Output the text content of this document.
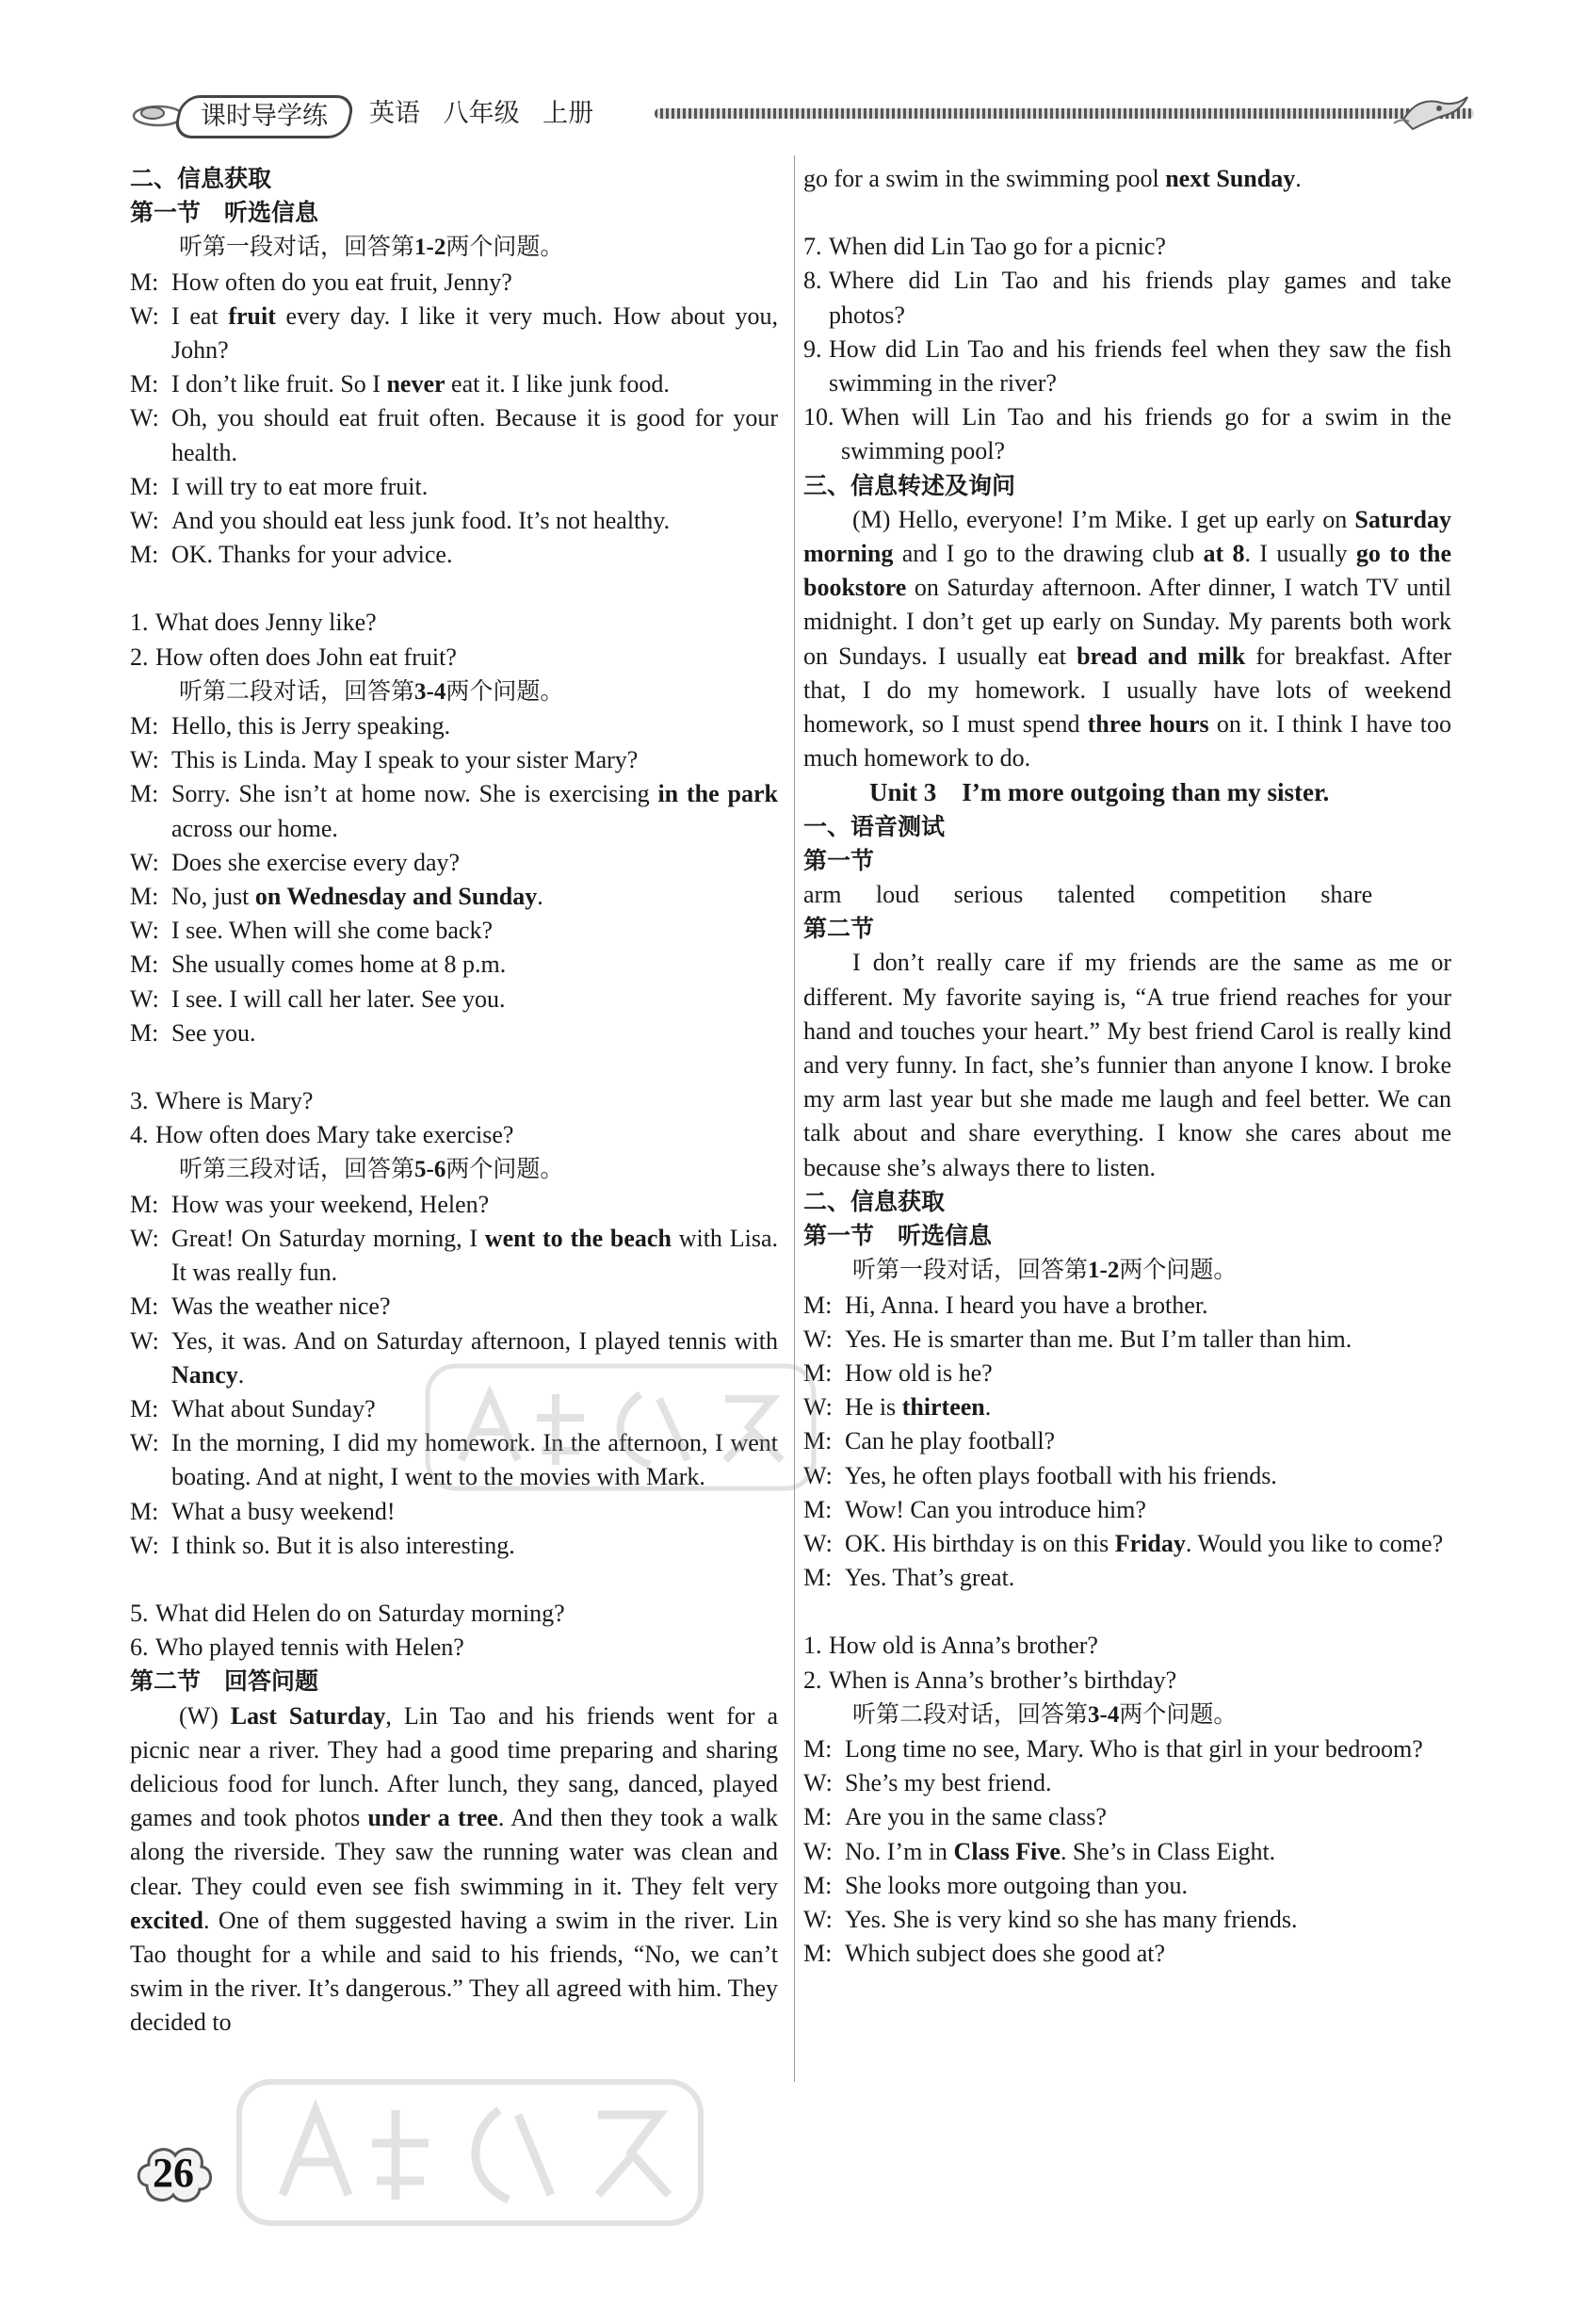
课时导学练	英语 八年级 上册
二、信息获取
第一节　听选信息
听第一段对话，回答第1-2两个问题。
M: How often do you eat fruit, Jenny?
W: I eat fruit every day. I like it very much. How about you, John?
M: I don’t like fruit. So I never eat it. I like junk food.
W: Oh, you should eat fruit often. Because it is good for your health.
M: I will try to eat more fruit.
W: And you should eat less junk food. It’s not healthy.
M: OK. Thanks for your advice.
1. What does Jenny like?
2. How often does John eat fruit?
听第二段对话，回答第3-4两个问题。
M: Hello, this is Jerry speaking.
W: This is Linda. May I speak to your sister Mary?
M: Sorry. She isn’t at home now. She is exercising in the park across our home.
W: Does she exercise every day?
M: No, just on Wednesday and Sunday.
W: I see. When will she come back?
M: She usually comes home at 8 p.m.
W: I see. I will call her later. See you.
M: See you.
3. Where is Mary?
4. How often does Mary take exercise?
听第三段对话，回答第5-6两个问题。
M: How was your weekend, Helen?
W: Great! On Saturday morning, I went to the beach with Lisa. It was really fun.
M: Was the weather nice?
W: Yes, it was. And on Saturday afternoon, I played tennis with Nancy.
M: What about Sunday?
W: In the morning, I did my homework. In the afternoon, I went boating. And at night, I went to the movies with Mark.
M: What a busy weekend!
W: I think so. But it is also interesting.
5. What did Helen do on Saturday morning?
6. Who played tennis with Helen?
第二节　回答问题
(W) Last Saturday, Lin Tao and his friends went for a picnic near a river. They had a good time preparing and sharing delicious food for lunch. After lunch, they sang, danced, played games and took photos under a tree. And then they took a walk along the riverside. They saw the running water was clean and clear. They could even see fish swimming in it. They felt very excited. One of them suggested having a swim in the river. Lin Tao thought for a while and said to his friends, “No, we can’t swim in the river. It’s dangerous.” They all agreed with him. They decided to
go for a swim in the swimming pool next Sunday.
7. When did Lin Tao go for a picnic?
8. Where did Lin Tao and his friends play games and take photos?
9. How did Lin Tao and his friends feel when they saw the fish swimming in the river?
10. When will Lin Tao and his friends go for a swim in the swimming pool?
三、信息转述及询问
(M) Hello, everyone! I’m Mike. I get up early on Saturday morning and I go to the drawing club at 8. I usually go to the bookstore on Saturday afternoon. After dinner, I watch TV until midnight. I don’t get up early on Sunday. My parents both work on Sundays. I usually eat bread and milk for breakfast. After that, I do my homework. I usually have lots of weekend homework, so I must spend three hours on it. I think I have too much homework to do.
Unit 3　I’m more outgoing than my sister.
一、语音测试
第一节
arm loud serious talented competition share
第二节
I don’t really care if my friends are the same as me or different. My favorite saying is, “A true friend reaches for your hand and touches your heart.” My best friend Carol is really kind and very funny. In fact, she’s funnier than anyone I know. I broke my arm last year but she made me laugh and feel better. We can talk about and share everything. I know she cares about me because she’s always there to listen.
二、信息获取
第一节　听选信息
听第一段对话，回答第1-2两个问题。
M: Hi, Anna. I heard you have a brother.
W: Yes. He is smarter than me. But I’m taller than him.
M: How old is he?
W: He is thirteen.
M: Can he play football?
W: Yes, he often plays football with his friends.
M: Wow! Can you introduce him?
W: OK. His birthday is on this Friday. Would you like to come?
M: Yes. That’s great.
1. How old is Anna’s brother?
2. When is Anna’s brother’s birthday?
听第二段对话，回答第3-4两个问题。
M: Long time no see, Mary. Who is that girl in your bedroom?
W: She’s my best friend.
M: Are you in the same class?
W: No. I’m in Class Five. She’s in Class Eight.
M: She looks more outgoing than you.
W: Yes. She is very kind so she has many friends.
M: Which subject does she good at?
26
